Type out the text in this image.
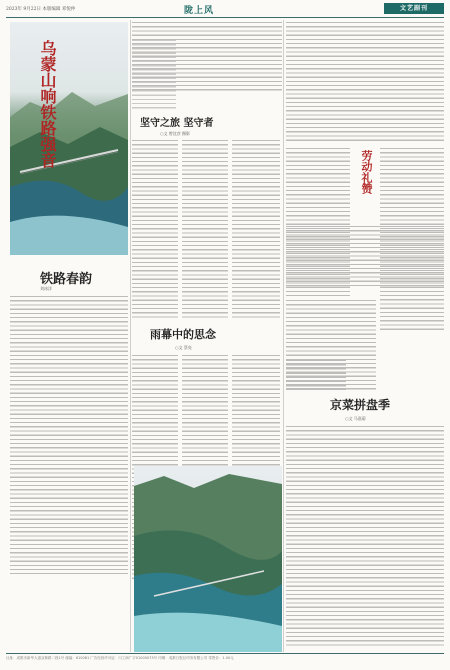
2023年 9月22日 本版编辑 邓悦仲	陇上风	文艺副刊
乌蒙山响铁路强音
铁路春韵
刘冰洋
坚守之旅 坚守者
○文 曾沈彦 摄影
劳动礼赞
雨幕中的思念
○文 蔡亮
京菜拼盘季
○文 马嘉蔚
社址：成都市新华大道双林路二段1号 邮编：610081 广告经营许可证：川工商广字01000073号 印刷：成都日报社印务有限公司 零售价：1.00元
